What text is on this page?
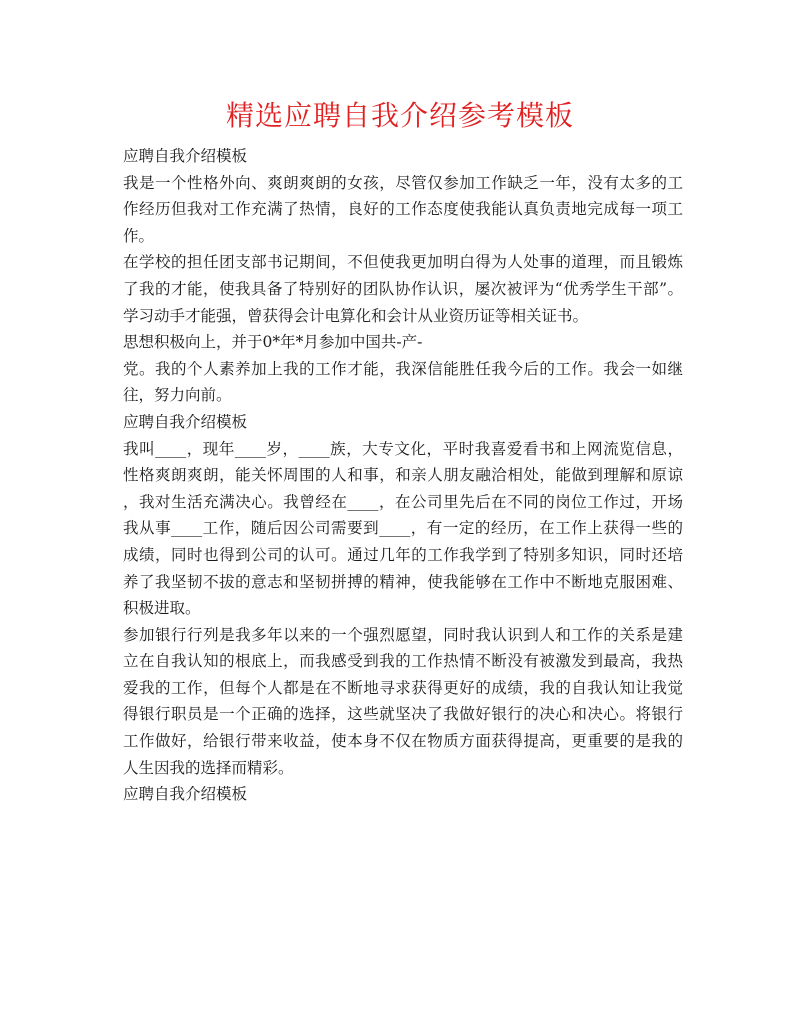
精选应聘自我介绍参考模板
应聘自我介绍模板
我是一个性格外向、爽朗爽朗的女孩，尽管仅参加工作缺乏一年，没有太多的工
作经历但我对工作充满了热情，良好的工作态度使我能认真负责地完成每一项工
作。
在学校的担任团支部书记期间，不但使我更加明白得为人处事的道理，而且锻炼
了我的才能，使我具备了特别好的团队协作认识，屡次被评为“优秀学生干部”。
学习动手才能强，曾获得会计电算化和会计从业资历证等相关证书。
思想积极向上，并于0*年*月参加中国共-产-
党。我的个人素养加上我的工作才能，我深信能胜任我今后的工作。我会一如继
往，努力向前。
应聘自我介绍模板
我叫____，现年____岁，____族，大专文化，平时我喜爱看书和上网流览信息，
性格爽朗爽朗，能关怀周围的人和事，和亲人朋友融洽相处，能做到理解和原谅
，我对生活充满决心。我曾经在____，在公司里先后在不同的岗位工作过，开场
我从事____工作，随后因公司需要到____，有一定的经历，在工作上获得一些的
成绩，同时也得到公司的认可。通过几年的工作我学到了特别多知识，同时还培
养了我坚韧不拔的意志和坚韧拼搏的精神，使我能够在工作中不断地克服困难、
积极进取。
参加银行行列是我多年以来的一个强烈愿望，同时我认识到人和工作的关系是建
立在自我认知的根底上，而我感受到我的工作热情不断没有被激发到最高，我热
爱我的工作，但每个人都是在不断地寻求获得更好的成绩，我的自我认知让我觉
得银行职员是一个正确的选择，这些就坚决了我做好银行的决心和决心。将银行
工作做好，给银行带来收益，使本身不仅在物质方面获得提高，更重要的是我的
人生因我的选择而精彩。
应聘自我介绍模板
